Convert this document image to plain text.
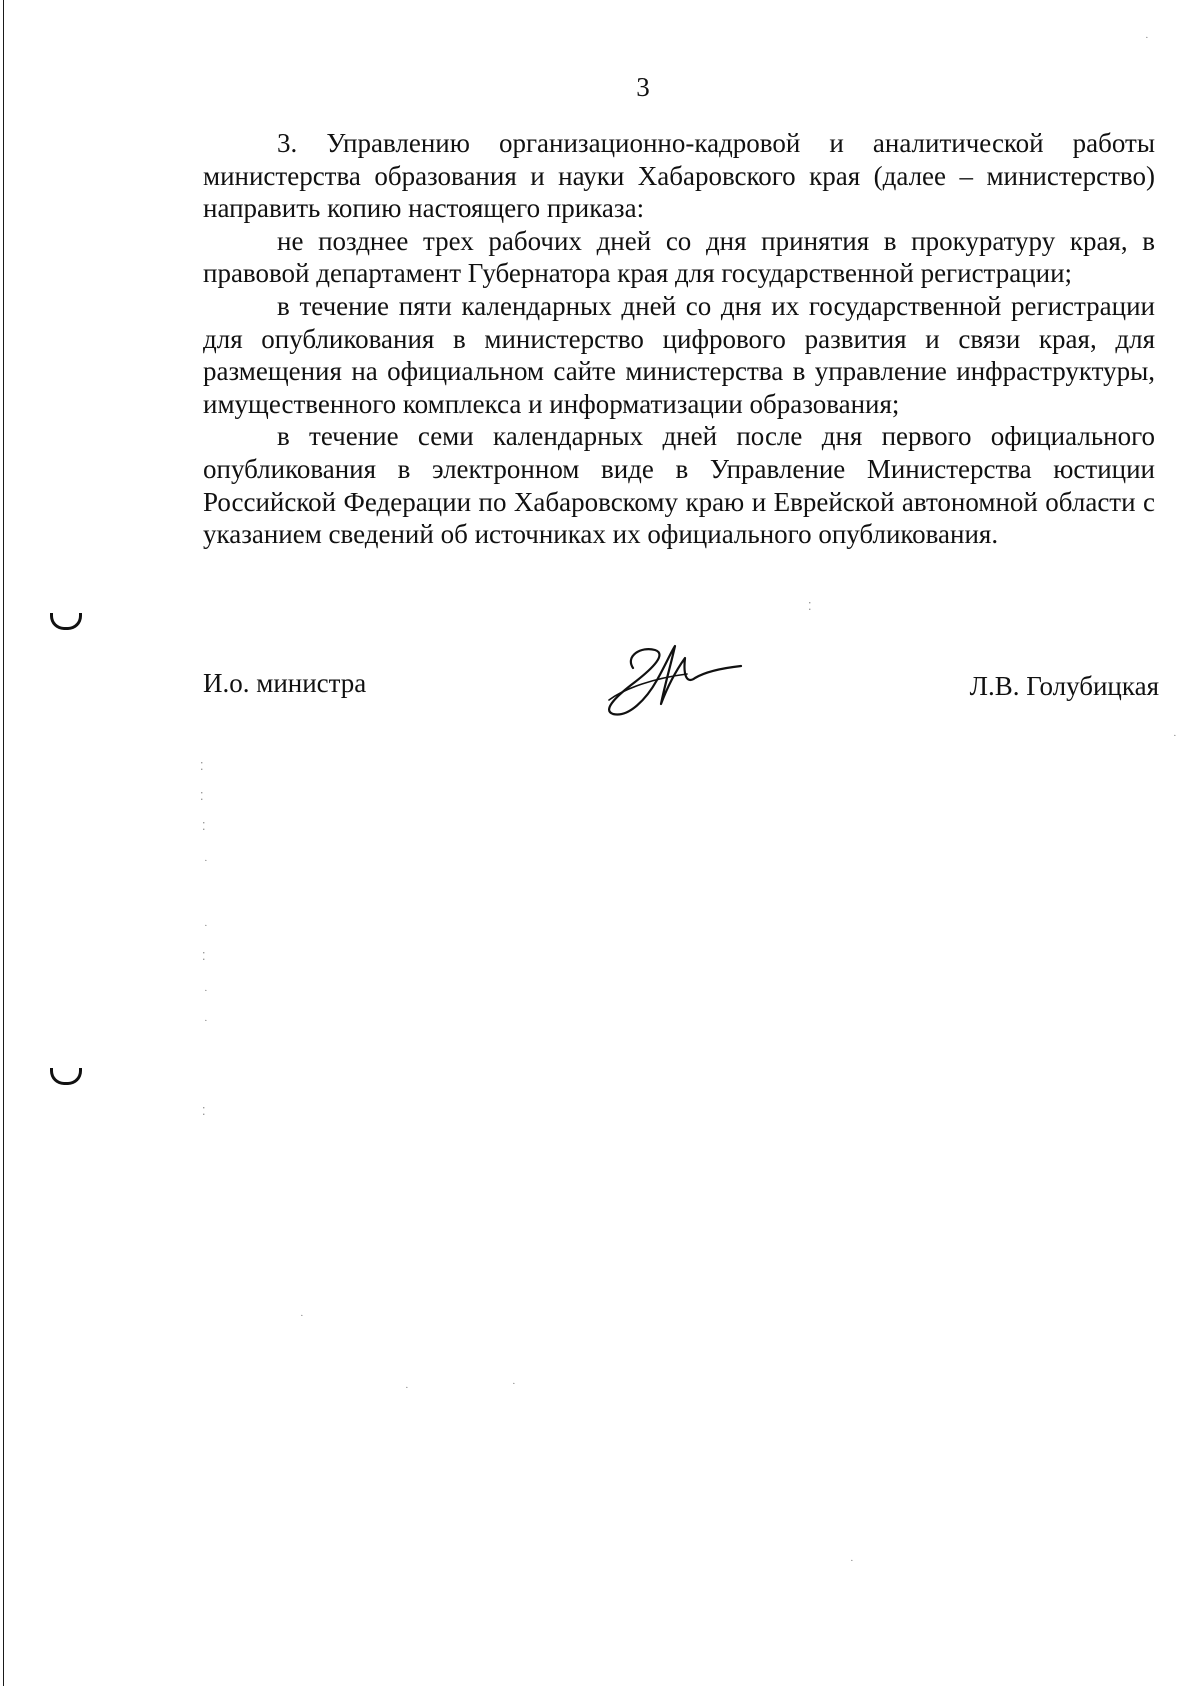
3

3. Управлению организационно-кадровой и аналитической работы министерства образования и науки Хабаровского края (далее – министерство) направить копию настоящего приказа:

не позднее трех рабочих дней со дня принятия в прокуратуру края, в правовой департамент Губернатора края для государственной регистрации;

в течение пяти календарных дней со дня их государственной регистрации для опубликования в министерство цифрового развития и связи края, для размещения на официальном сайте министерства в управление инфраструктуры, имущественного комплекса и информатизации образования;

в течение семи календарных дней после дня первого официального опубликования в электронном виде в Управление Министерства юстиции Российской Федерации по Хабаровскому краю и Еврейской автономной области с указанием сведений об источниках их официального опубликования.

И.о. министра	Л.В. Голубицкая
⁚
⁚
⁚
·
·
⁚
·
·
⁚
·
·
⁚
·
·	·
·
